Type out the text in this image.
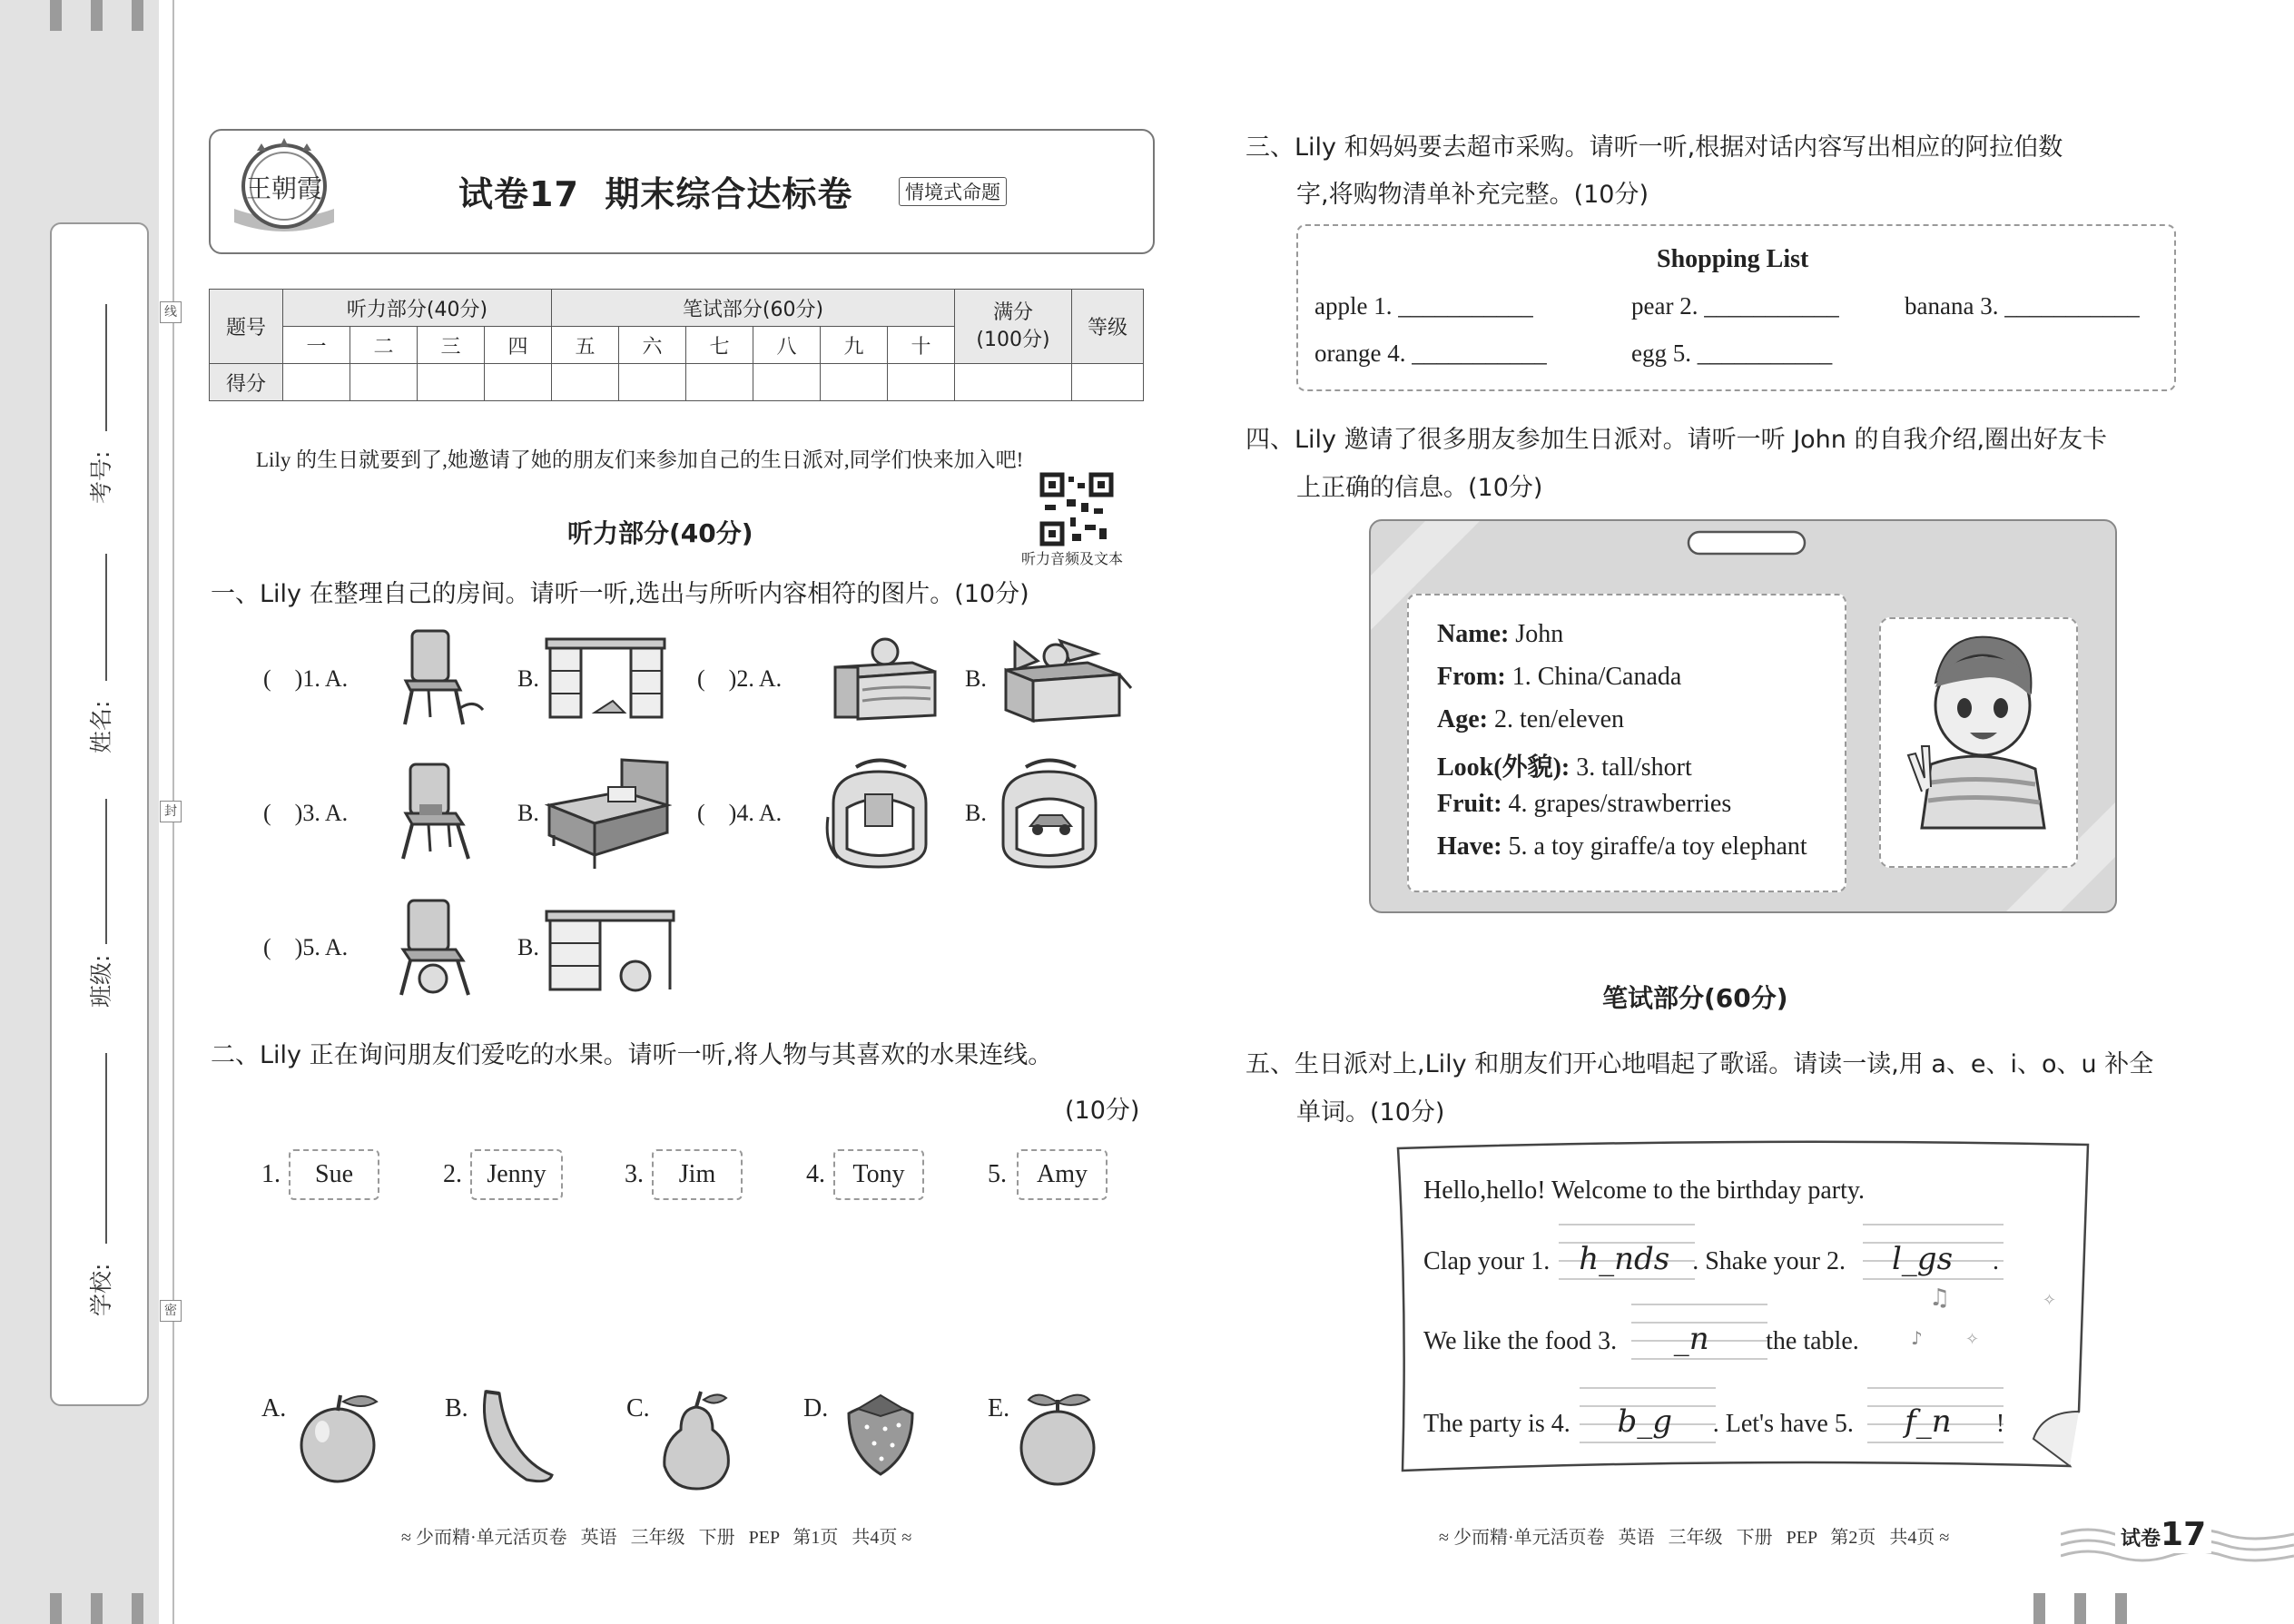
考号:
姓名:
班级:
学校:
线
封
密
王朝霞	试卷17  期末综合达标卷	情境式命题
题号	听力部分(40分)				笔试部分(60分)						满分
(100分)	等级
	一	二	三	四	五	六	七	八	九	十		
得分												
Lily 的生日就要到了,她邀请了她的朋友们来参加自己的生日派对,同学们快来加入吧!
听力音频及文本
听力部分(40分)
一、Lily 在整理自己的房间。请听一听,选出与所听内容相符的图片。(10分)
(    )1. A.	B.	(    )2. A.	B.
(    )3. A.	B.	(    )4. A.	B.
(    )5. A.	B.
二、Lily 正在询问朋友们爱吃的水果。请听一听,将人物与其喜欢的水果连线。
(10分)
1.	Sue	2. Jenny	3.	Jim	4.	Tony	5.	Amy
A.	B.	C.	D.	E.
≈ 少而精·单元活页卷   英语   三年级   下册   PEP   第1页   共4页 ≈
三、Lily 和妈妈要去超市采购。请听一听,根据对话内容写出相应的阿拉伯数
字,将购物清单补充完整。(10分)
Shopping List
apple 1. ___________	pear 2. ___________	banana 3. ___________
orange 4. ___________	egg 5. ___________
四、Lily 邀请了很多朋友参加生日派对。请听一听 John 的自我介绍,圈出好友卡
上正确的信息。(10分)
Name: John
From: 1. China/Canada
Age: 2. ten/eleven
Look(外貌): 3. tall/short
Fruit: 4. grapes/strawberries
Have: 5. a toy giraffe/a toy elephant
笔试部分(60分)
五、生日派对上,Lily 和朋友们开心地唱起了歌谣。请读一读,用 a、e、i、o、u 补全
单词。(10分)
Hello,hello! Welcome to the birthday party.
Clap your 1. h_nds . Shake your 2. l_gs .
We like the food 3. _n the table.
The party is 4. b_g . Let's have 5. f_n !
♫
♪	✧
✧
≈ 少而精·单元活页卷   英语   三年级   下册   PEP   第2页   共4页 ≈	试卷17
